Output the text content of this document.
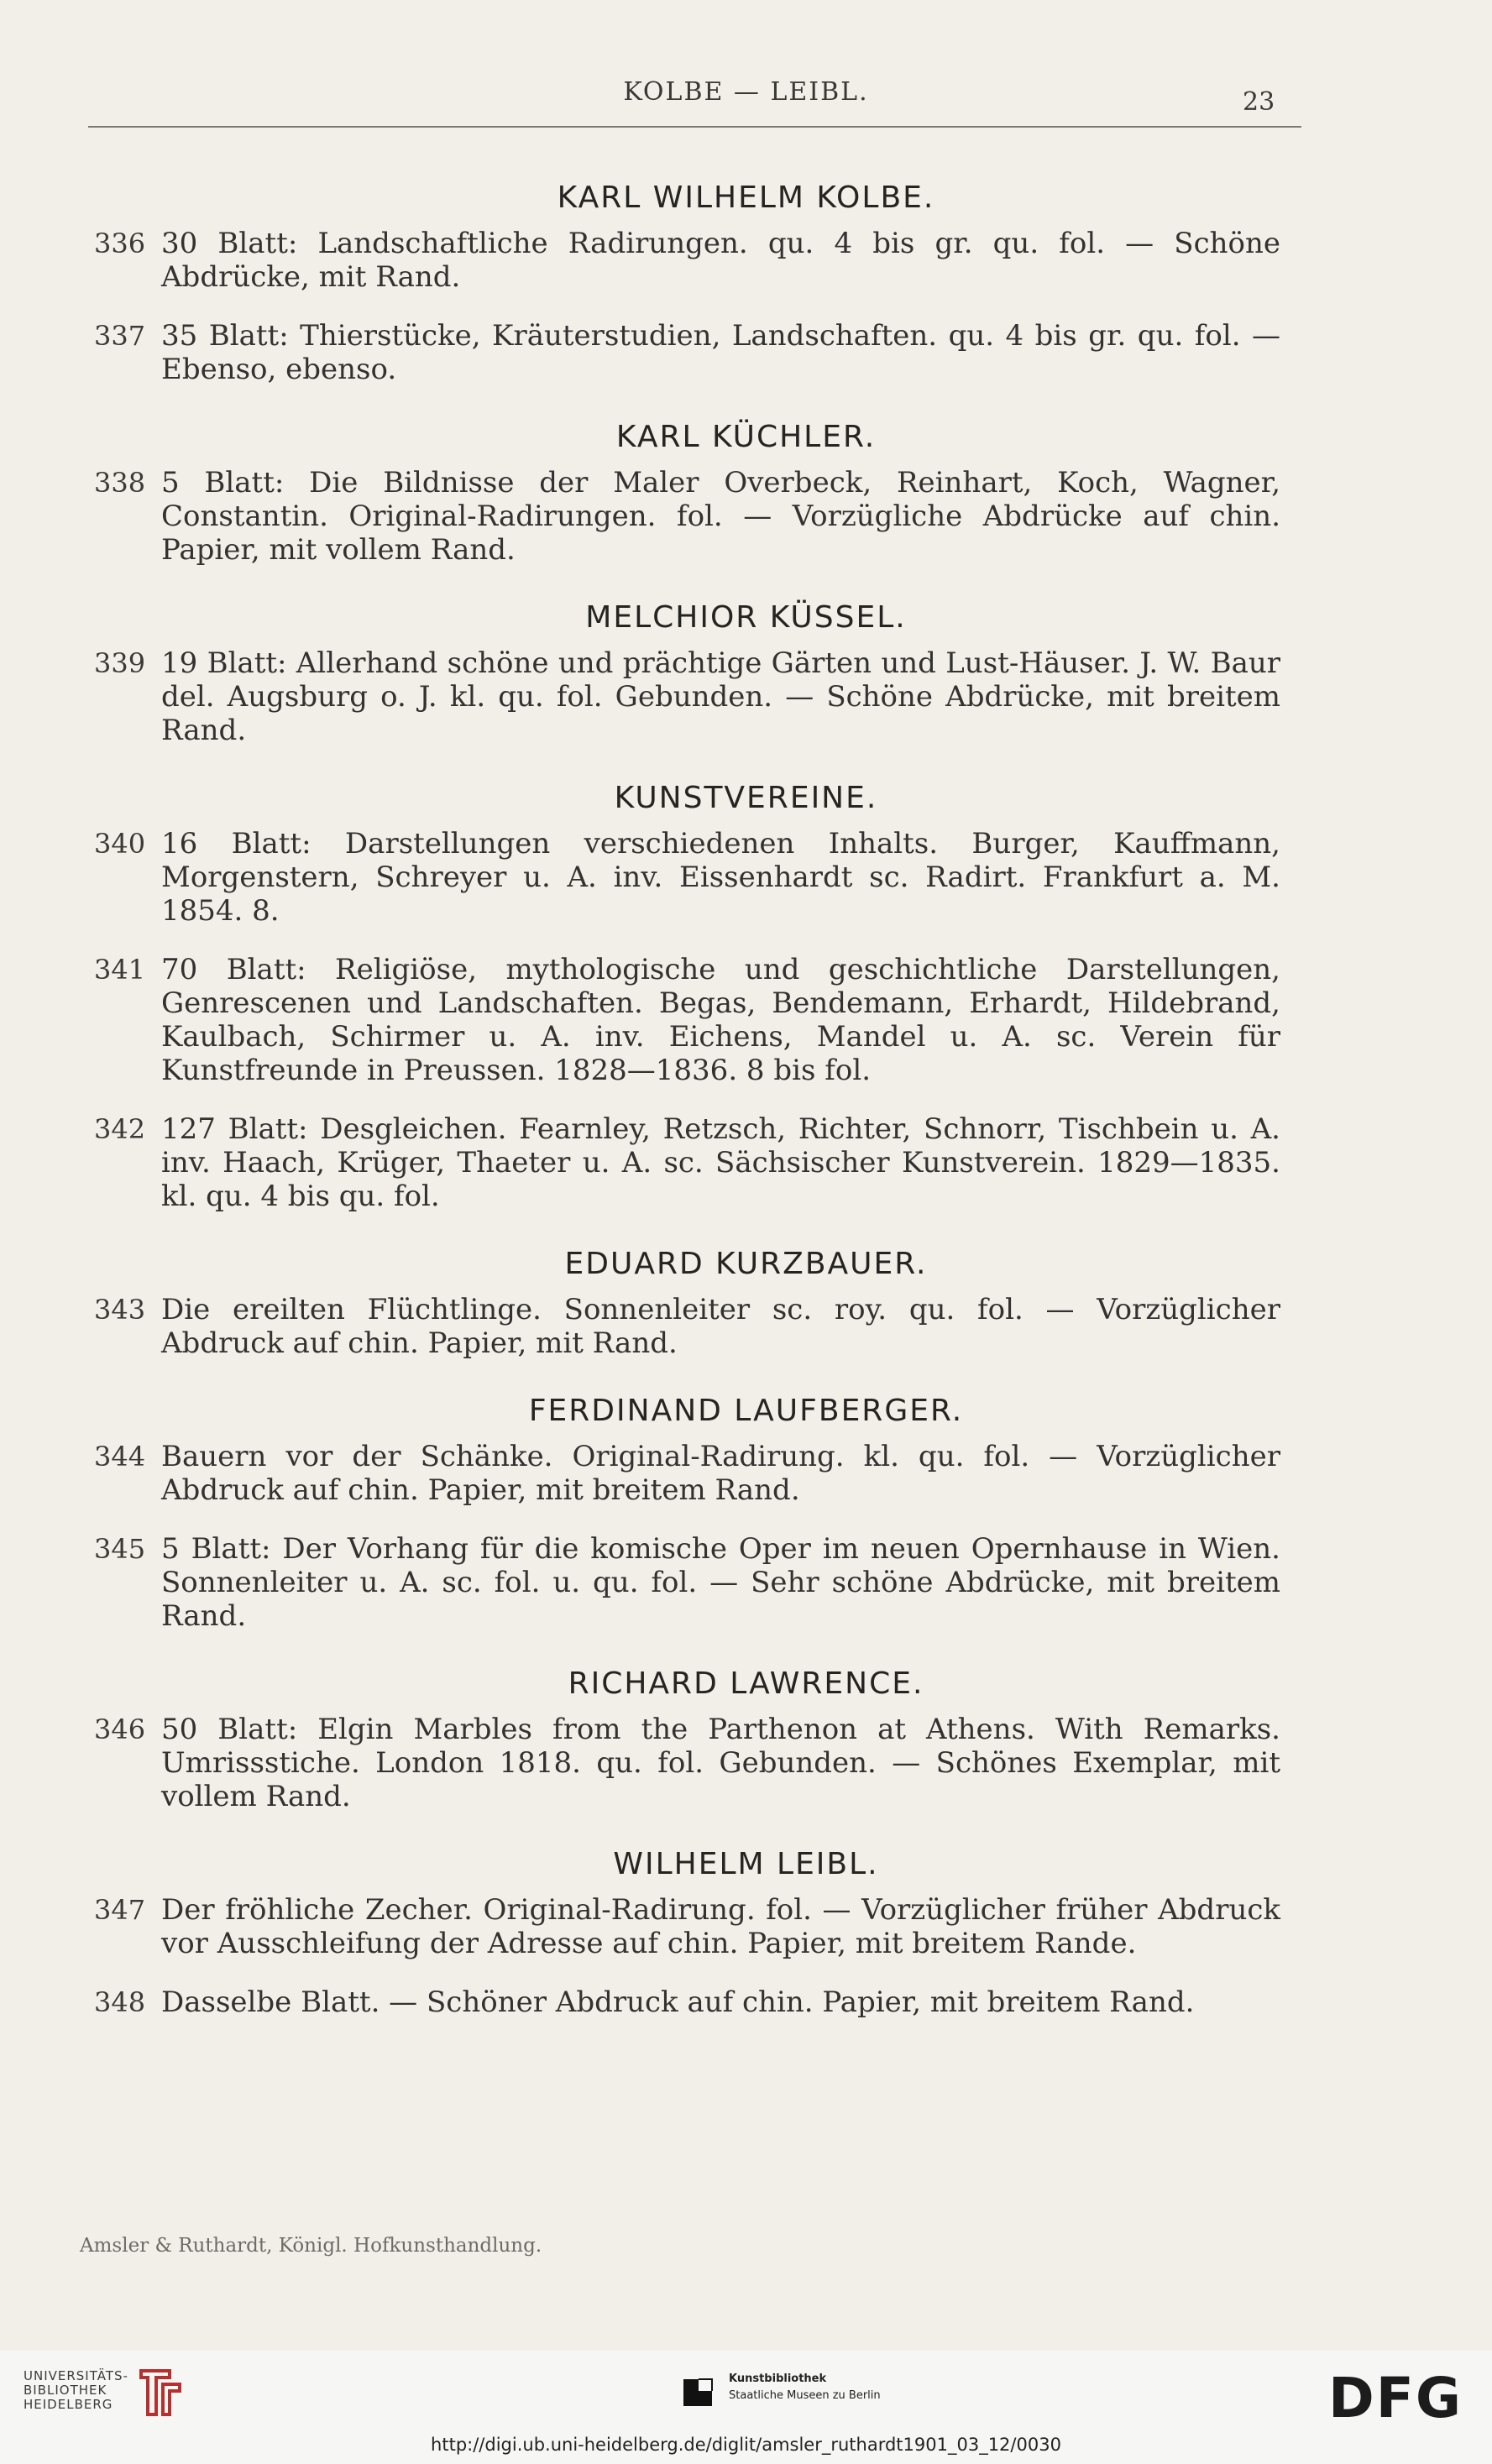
KOLBE — LEIBL.	23
KARL WILHELM KOLBE.
336 30 Blatt: Landschaftliche Radirungen. qu. 4 bis gr. qu. fol. — Schöne Abdrücke, mit Rand.
337 35 Blatt: Thierstücke, Kräuterstudien, Landschaften. qu. 4 bis gr. qu. fol. — Ebenso, ebenso.
KARL KÜCHLER.
338 5 Blatt: Die Bildnisse der Maler Overbeck, Reinhart, Koch, Wagner, Constantin. Original-Radirungen. fol. — Vorzügliche Abdrücke auf chin. Papier, mit vollem Rand.
MELCHIOR KÜSSEL.
339 19 Blatt: Allerhand schöne und prächtige Gärten und Lust-Häuser. J. W. Baur del. Augsburg o. J. kl. qu. fol. Gebunden. — Schöne Abdrücke, mit breitem Rand.
KUNSTVEREINE.
340 16 Blatt: Darstellungen verschiedenen Inhalts. Burger, Kauffmann, Morgenstern, Schreyer u. A. inv. Eissenhardt sc. Radirt. Frankfurt a. M. 1854. 8.
341 70 Blatt: Religiöse, mythologische und geschichtliche Darstellungen, Genrescenen und Landschaften. Begas, Bendemann, Erhardt, Hildebrand, Kaulbach, Schirmer u. A. inv. Eichens, Mandel u. A. sc. Verein für Kunstfreunde in Preussen. 1828—1836. 8 bis fol.
342 127 Blatt: Desgleichen. Fearnley, Retzsch, Richter, Schnorr, Tischbein u. A. inv. Haach, Krüger, Thaeter u. A. sc. Sächsischer Kunstverein. 1829—1835. kl. qu. 4 bis qu. fol.
EDUARD KURZBAUER.
343 Die ereilten Flüchtlinge. Sonnenleiter sc. roy. qu. fol. — Vorzüglicher Abdruck auf chin. Papier, mit Rand.
FERDINAND LAUFBERGER.
344 Bauern vor der Schänke. Original-Radirung. kl. qu. fol. — Vorzüglicher Abdruck auf chin. Papier, mit breitem Rand.
345 5 Blatt: Der Vorhang für die komische Oper im neuen Opernhause in Wien. Sonnenleiter u. A. sc. fol. u. qu. fol. — Sehr schöne Abdrücke, mit breitem Rand.
RICHARD LAWRENCE.
346 50 Blatt: Elgin Marbles from the Parthenon at Athens. With Remarks. Umrissstiche. London 1818. qu. fol. Gebunden. — Schönes Exemplar, mit vollem Rand.
WILHELM LEIBL.
347 Der fröhliche Zecher. Original-Radirung. fol. — Vorzüglicher früher Abdruck vor Ausschleifung der Adresse auf chin. Papier, mit breitem Rande.
348 Dasselbe Blatt. — Schöner Abdruck auf chin. Papier, mit breitem Rand.
Amsler & Ruthardt, Königl. Hofkunsthandlung.
UNIVERSITÄTS-
BIBLIOTHEK
HEIDELBERG
Kunstbibliothek
Staatliche Museen zu Berlin	DFG
http://digi.ub.uni-heidelberg.de/diglit/amsler_ruthardt1901_03_12/0030
